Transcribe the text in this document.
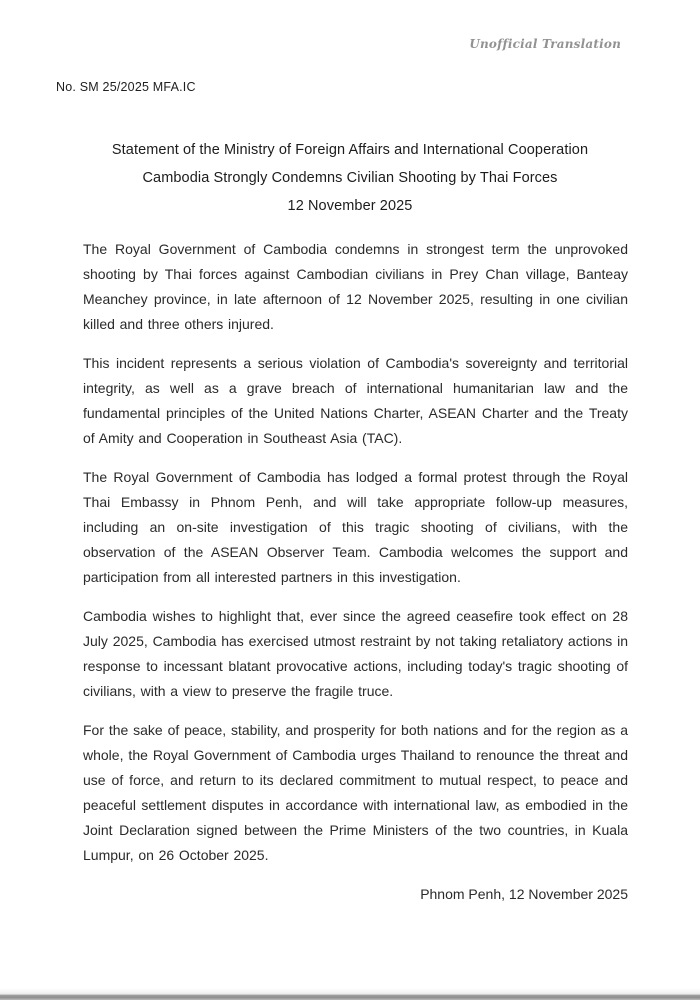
Unofficial Translation
No. SM 25/2025 MFA.IC
Statement of the Ministry of Foreign Affairs and International Cooperation
Cambodia Strongly Condemns Civilian Shooting by Thai Forces
12 November 2025

The Royal Government of Cambodia condemns in strongest term the unprovoked shooting by Thai forces against Cambodian civilians in Prey Chan village, Banteay Meanchey province, in late afternoon of 12 November 2025, resulting in one civilian killed and three others injured.

This incident represents a serious violation of Cambodia's sovereignty and territorial integrity, as well as a grave breach of international humanitarian law and the fundamental principles of the United Nations Charter, ASEAN Charter and the Treaty of Amity and Cooperation in Southeast Asia (TAC).

The Royal Government of Cambodia has lodged a formal protest through the Royal Thai Embassy in Phnom Penh, and will take appropriate follow-up measures, including an on-site investigation of this tragic shooting of civilians, with the observation of the ASEAN Observer Team. Cambodia welcomes the support and participation from all interested partners in this investigation.

Cambodia wishes to highlight that, ever since the agreed ceasefire took effect on 28 July 2025, Cambodia has exercised utmost restraint by not taking retaliatory actions in response to incessant blatant provocative actions, including today's tragic shooting of civilians, with a view to preserve the fragile truce.

For the sake of peace, stability, and prosperity for both nations and for the region as a whole, the Royal Government of Cambodia urges Thailand to renounce the threat and use of force, and return to its declared commitment to mutual respect, to peace and peaceful settlement disputes in accordance with international law, as embodied in the Joint Declaration signed between the Prime Ministers of the two countries, in Kuala Lumpur, on 26 October 2025.

Phnom Penh, 12 November 2025
